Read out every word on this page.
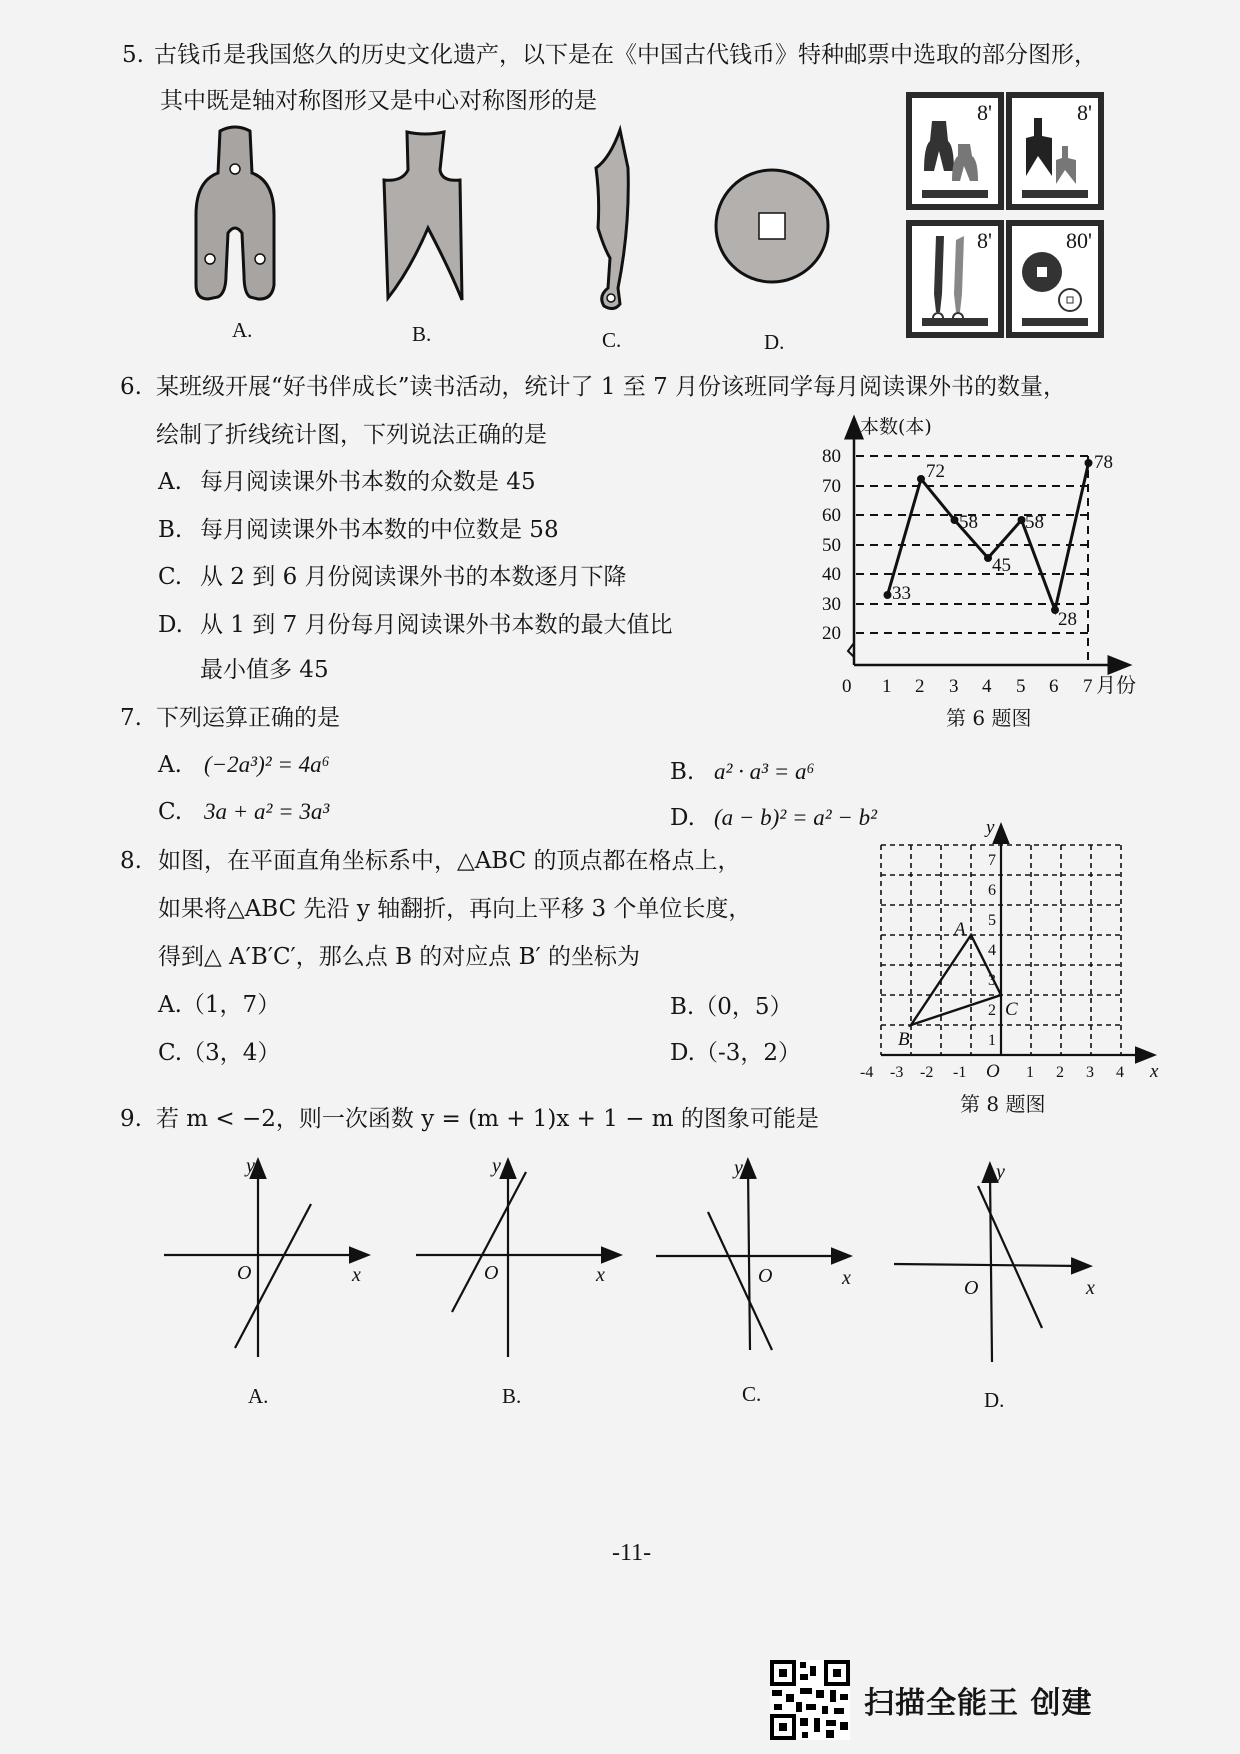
5. 古钱币是我国悠久的历史文化遗产，以下是在《中国古代钱币》特种邮票中选取的部分图形，
其中既是轴对称图形又是中心对称图形的是
A.	B.	C.	D.
8'	8'
8'	80'
6. 某班级开展“好书伴成长”读书活动，统计了 1 至 7 月份该班同学每月阅读课外书的数量，
绘制了折线统计图，下列说法正确的是
A. 每月阅读课外书本数的众数是 45
B. 每月阅读课外书本数的中位数是 58
C. 从 2 到 6 月份阅读课外书的本数逐月下降
D. 从 1 到 7 月份每月阅读课外书本数的最大值比
最小值多 45
33
72
58
45
58
28
78
80
70
60
50
40
30
20
0 1 2 3 4 5 6 7 月份
本数(本)
第 6 题图
7. 下列运算正确的是
A. (−2a³)² = 4a⁶	B. a² · a³ = a⁶
C. 3a + a² = 3a³	D. (a − b)² = a² − b²
8. 如图，在平面直角坐标系中，△ABC 的顶点都在格点上，
如果将△ABC 先沿 y 轴翻折，再向上平移 3 个单位长度，
得到△ A′B′C′，那么点 B 的对应点 B′ 的坐标为
A.（1，7）	B.（0，5）
C.（3，4）	D.（-3，2）
-4 -3 -2 -1	1 2 3 4
1
2
3
4
5
6
7
O	x
y
A
B
C
第 8 题图
9. 若 m < −2，则一次函数 y = (m + 1)x + 1 − m 的图象可能是
O	x
y
A.
O	x
y
B.
O	x
y
C.
O	x
y
D.
-11-
扫描全能王 创建
